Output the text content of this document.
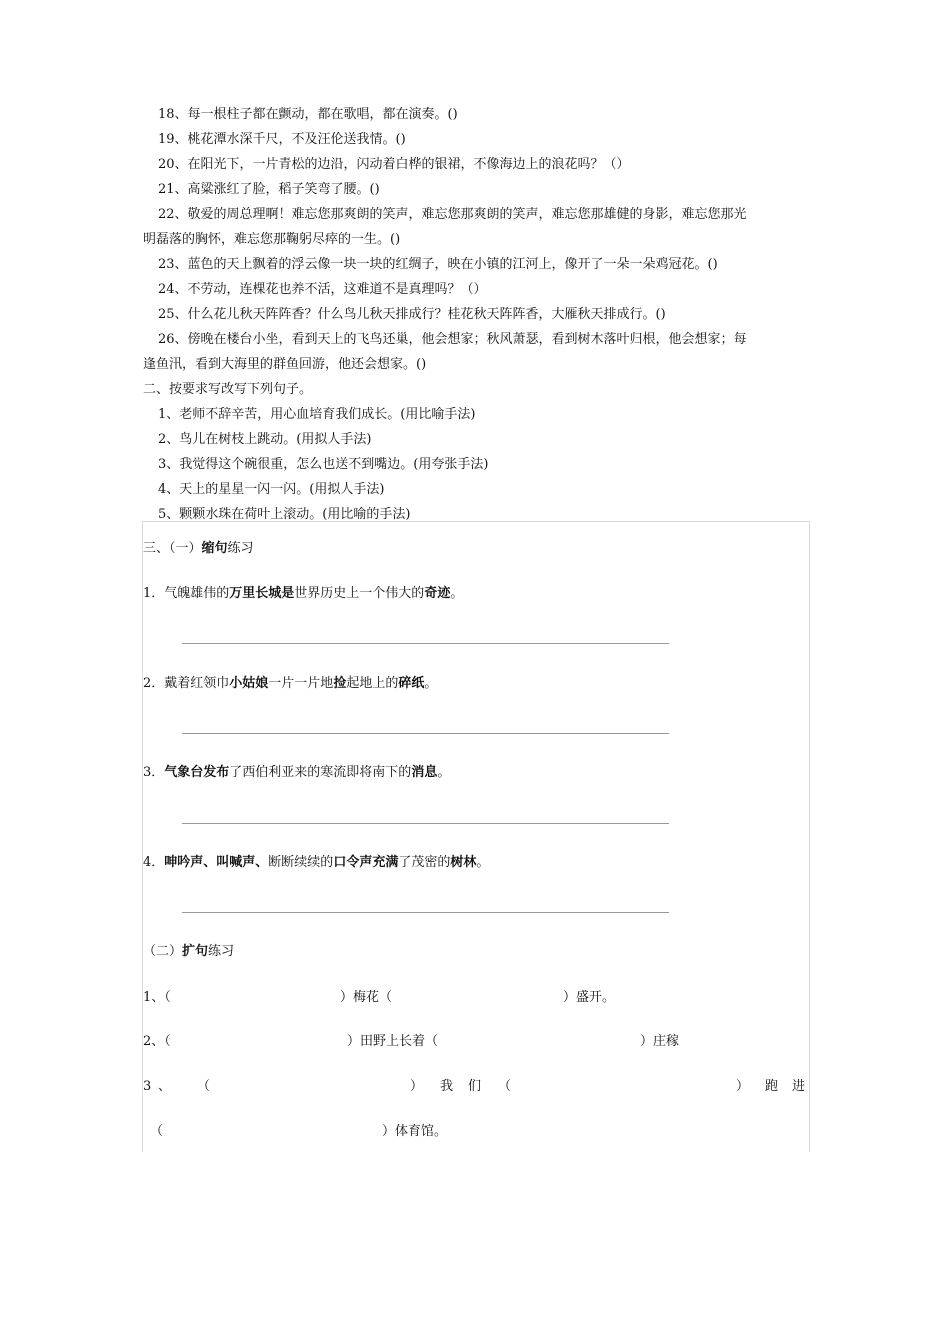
18、每一根柱子都在颤动，都在歌唱，都在演奏。()
19、桃花潭水深千尺，不及汪伦送我情。()
20、在阳光下，一片青松的边沿，闪动着白桦的银裙，不像海边上的浪花吗？（）
21、高粱涨红了脸，稻子笑弯了腰。()
22、敬爱的周总理啊！难忘您那爽朗的笑声，难忘您那爽朗的笑声，难忘您那雄健的身影，难忘您那光
明磊落的胸怀，难忘您那鞠躬尽瘁的一生。()
23、蓝色的天上飘着的浮云像一块一块的红绸子，映在小镇的江河上，像开了一朵一朵鸡冠花。()
24、不劳动，连棵花也养不活，这难道不是真理吗？（）
25、什么花儿秋天阵阵香？什么鸟儿秋天排成行？桂花秋天阵阵香，大雁秋天排成行。()
26、傍晚在楼台小坐，看到天上的飞鸟还巢，他会想家；秋风萧瑟，看到树木落叶归根，他会想家；每
逢鱼汛，看到大海里的群鱼回游，他还会想家。()
二、按要求写改写下列句子。
1、老师不辞辛苦，用心血培育我们成长。(用比喻手法)
2、鸟儿在树枝上跳动。(用拟人手法)
3、我觉得这个碗很重，怎么也送不到嘴边。(用夸张手法)
4、天上的星星一闪一闪。(用拟人手法)
5、颗颗水珠在荷叶上滚动。(用比喻的手法)
三、（一）缩句练习
1．气魄雄伟的万里长城是世界历史上一个伟大的奇迹。
2．戴着红领巾小姑娘一片一片地捡起地上的碎纸。
3．气象台发布了西伯利亚来的寒流即将南下的消息。
4．呻吟声、叫喊声、断断续续的口令声充满了茂密的树林。
（二）扩句练习
1、（	）梅花（	）盛开。
2、（	）田野上长着（	）庄稼
3 、 （	） 我 们 （	） 跑 进
（	）体育馆。
